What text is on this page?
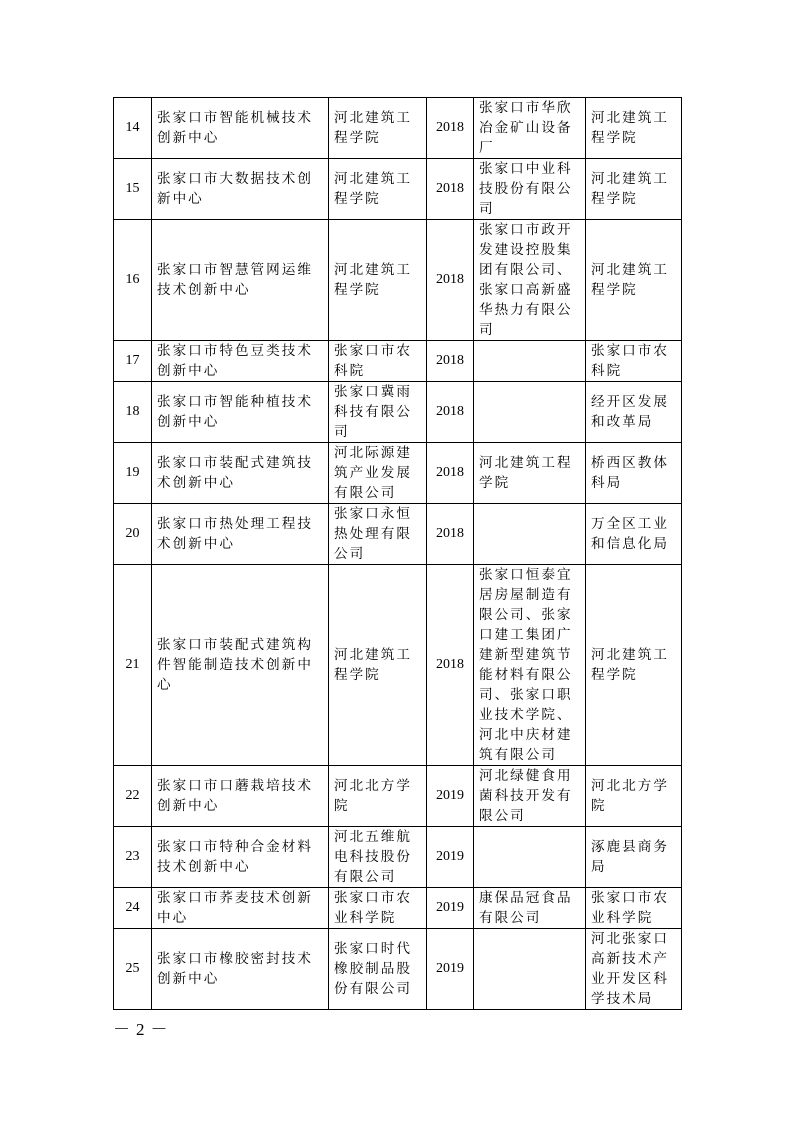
14	张家口市智能机械技术创新中心	河北建筑工程学院	2018	张家口市华欣冶金矿山设备厂	河北建筑工程学院
15	张家口市大数据技术创新中心	河北建筑工程学院	2018	张家口中业科技股份有限公司	河北建筑工程学院
16	张家口市智慧管网运维技术创新中心	河北建筑工程学院	2018	张家口市政开发建设控股集团有限公司、张家口高新盛华热力有限公司	河北建筑工程学院
17	张家口市特色豆类技术创新中心	张家口市农科院	2018		张家口市农科院
18	张家口市智能种植技术创新中心	张家口冀雨科技有限公司	2018		经开区发展和改革局
19	张家口市装配式建筑技术创新中心	河北际源建筑产业发展有限公司	2018	河北建筑工程学院	桥西区教体科局
20	张家口市热处理工程技术创新中心	张家口永恒热处理有限公司	2018		万全区工业和信息化局
21	张家口市装配式建筑构件智能制造技术创新中心	河北建筑工程学院	2018	张家口恒泰宜居房屋制造有限公司、张家口建工集团广建新型建筑节能材料有限公司、张家口职业技术学院、河北中庆材建筑有限公司	河北建筑工程学院
22	张家口市口蘑栽培技术创新中心	河北北方学院	2019	河北绿健食用菌科技开发有限公司	河北北方学院
23	张家口市特种合金材料技术创新中心	河北五维航电科技股份有限公司	2019		涿鹿县商务局
24	张家口市荞麦技术创新中心	张家口市农业科学院	2019	康保品冠食品有限公司	张家口市农业科学院
25	张家口市橡胶密封技术创新中心	张家口时代橡胶制品股份有限公司	2019		河北张家口高新技术产业开发区科学技术局
－2－
